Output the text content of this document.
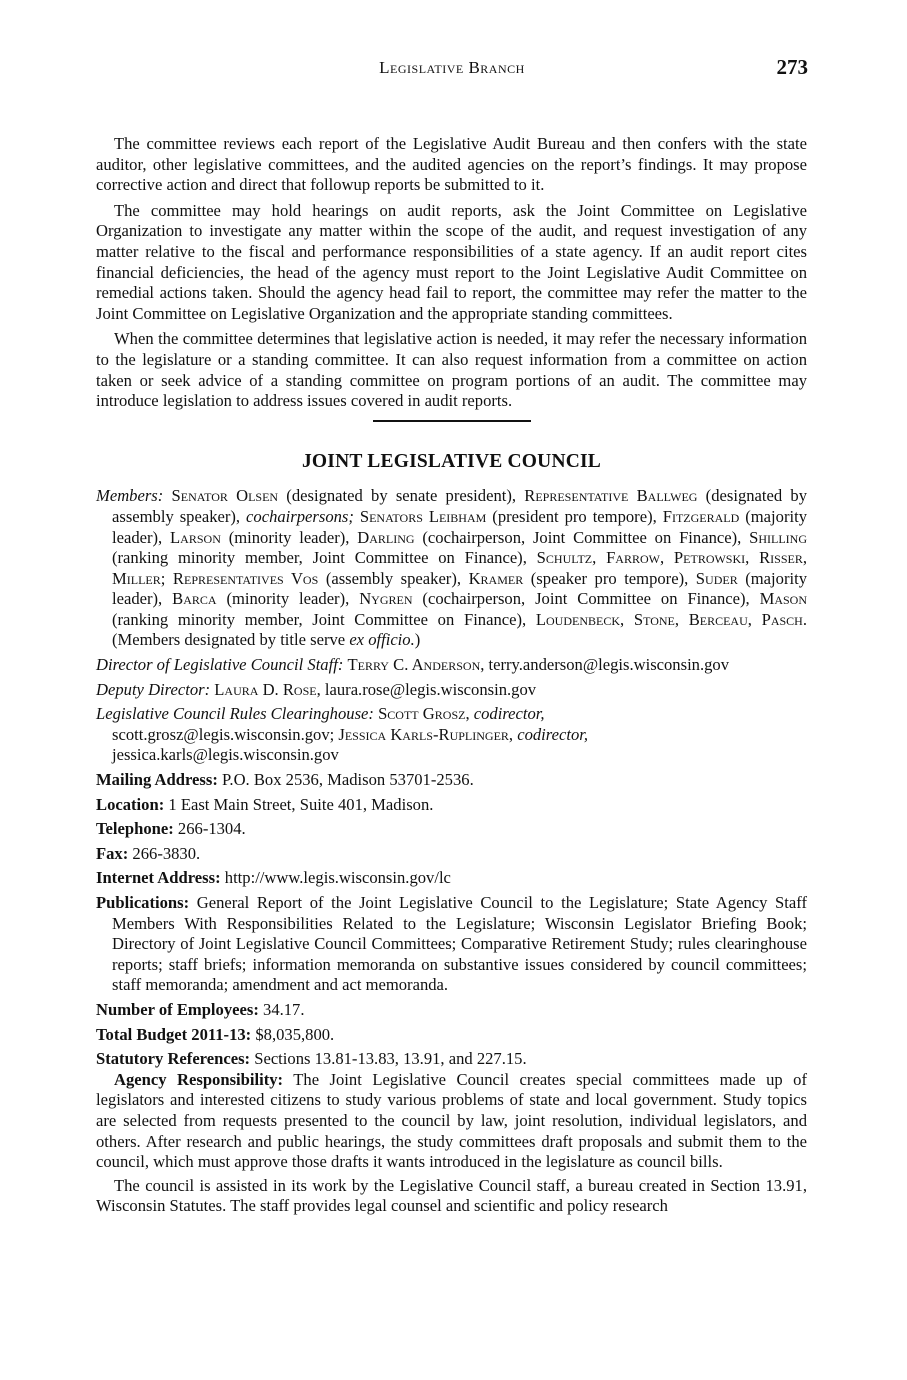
Legislative Branch	273

The committee reviews each report of the Legislative Audit Bureau and then confers with the state auditor, other legislative committees, and the audited agencies on the report’s findings. It may propose corrective action and direct that followup reports be submitted to it.

The committee may hold hearings on audit reports, ask the Joint Committee on Legislative Organization to investigate any matter within the scope of the audit, and request investigation of any matter relative to the fiscal and performance responsibilities of a state agency. If an audit report cites financial deficiencies, the head of the agency must report to the Joint Legislative Audit Committee on remedial actions taken. Should the agency head fail to report, the committee may refer the matter to the Joint Committee on Legislative Organization and the appropriate standing committees.

When the committee determines that legislative action is needed, it may refer the necessary information to the legislature or a standing committee. It can also request information from a committee on action taken or seek advice of a standing committee on program portions of an audit. The committee may introduce legislation to address issues covered in audit reports.

JOINT LEGISLATIVE COUNCIL

Members: Senator Olsen (designated by senate president), Representative Ballweg (designated by assembly speaker), cochairpersons; Senators Leibham (president pro tempore), Fitzgerald (majority leader), Larson (minority leader), Darling (cochairperson, Joint Committee on Finance), Shilling (ranking minority member, Joint Committee on Finance), Schultz, Farrow, Petrowski, Risser, Miller; Representatives Vos (assembly speaker), Kramer (speaker pro tempore), Suder (majority leader), Barca (minority leader), Nygren (cochairperson, Joint Committee on Finance), Mason (ranking minority member, Joint Committee on Finance), Loudenbeck, Stone, Berceau, Pasch. (Members designated by title serve ex officio.)

Director of Legislative Council Staff: Terry C. Anderson, terry.anderson@legis.wisconsin.gov

Deputy Director: Laura D. Rose, laura.rose@legis.wisconsin.gov

Legislative Council Rules Clearinghouse: Scott Grosz, codirector,
scott.grosz@legis.wisconsin.gov; Jessica Karls-Ruplinger, codirector,
jessica.karls@legis.wisconsin.gov

Mailing Address: P.O. Box 2536, Madison 53701-2536.

Location: 1 East Main Street, Suite 401, Madison.

Telephone: 266-1304.

Fax: 266-3830.

Internet Address: http://www.legis.wisconsin.gov/lc

Publications: General Report of the Joint Legislative Council to the Legislature; State Agency Staff Members With Responsibilities Related to the Legislature; Wisconsin Legislator Briefing Book; Directory of Joint Legislative Council Committees; Comparative Retirement Study; rules clearinghouse reports; staff briefs; information memoranda on substantive issues considered by council committees; staff memoranda; amendment and act memoranda.

Number of Employees: 34.17.

Total Budget 2011-13: $8,035,800.

Statutory References: Sections 13.81-13.83, 13.91, and 227.15.

Agency Responsibility: The Joint Legislative Council creates special committees made up of legislators and interested citizens to study various problems of state and local government. Study topics are selected from requests presented to the council by law, joint resolution, individual legislators, and others. After research and public hearings, the study committees draft proposals and submit them to the council, which must approve those drafts it wants introduced in the legislature as council bills.

The council is assisted in its work by the Legislative Council staff, a bureau created in Section 13.91, Wisconsin Statutes. The staff provides legal counsel and scientific and policy research
